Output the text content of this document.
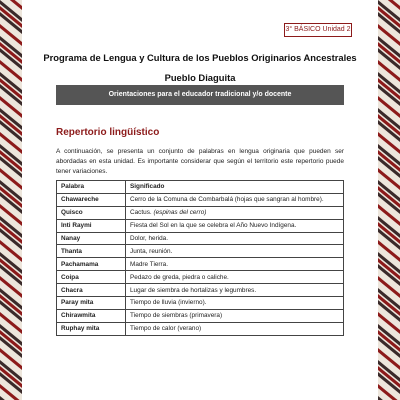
3° BÁSICO Unidad 2
Programa de Lengua y Cultura de los Pueblos Originarios Ancestrales
Pueblo Diaguita
Orientaciones para el educador tradicional y/o docente
Repertorio lingüístico
A continuación, se presenta un conjunto de palabras en lengua originaria que pueden ser abordadas en esta unidad. Es importante considerar que según el territorio este repertorio puede tener variaciones.
Palabra	Significado
Chawareche	Cerro de la Comuna de Combarbalá (hojas que sangran al hombre).
Quisco	Cactus. (espinas del cerro)
Inti Raymi	Fiesta del Sol en la que se celebra el Año Nuevo Indígena.
Nanay	Dolor, herida.
Thanta	Junta, reunión.
Pachamama	Madre Tierra.
Coipa	Pedazo de greda, piedra o caliche.
Chacra	Lugar de siembra de hortalizas y legumbres.
Paray mita	Tiempo de lluvia (invierno).
Chirawmita	Tiempo de siembras (primavera)
Ruphay mita	Tiempo de calor (verano)
